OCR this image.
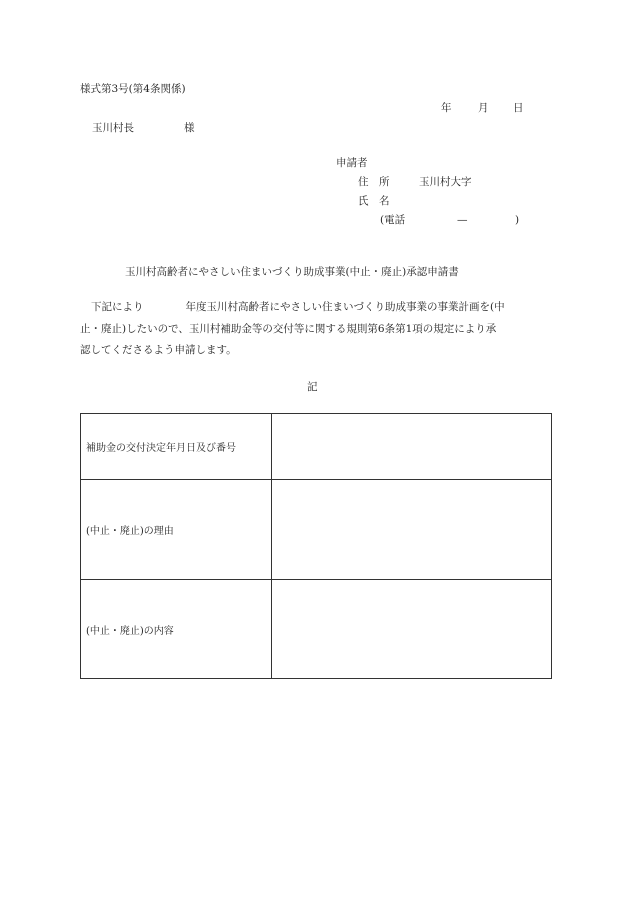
様式第3号(第4条関係)
年	月 日
玉川村長	様
申請者
住　所	玉川村大字
氏　名
(電話	—	)
玉川村高齢者にやさしい住まいづくり助成事業(中止・廃止)承認申請書
下記により　　　　年度玉川村高齢者にやさしい住まいづくり助成事業の事業計画を(中
止・廃止)したいので、玉川村補助金等の交付等に関する規則第6条第1項の規定により承
認してくださるよう申請します。
記
補助金の交付決定年月日及び番号	
(中止・廃止)の理由	
(中止・廃止)の内容	
